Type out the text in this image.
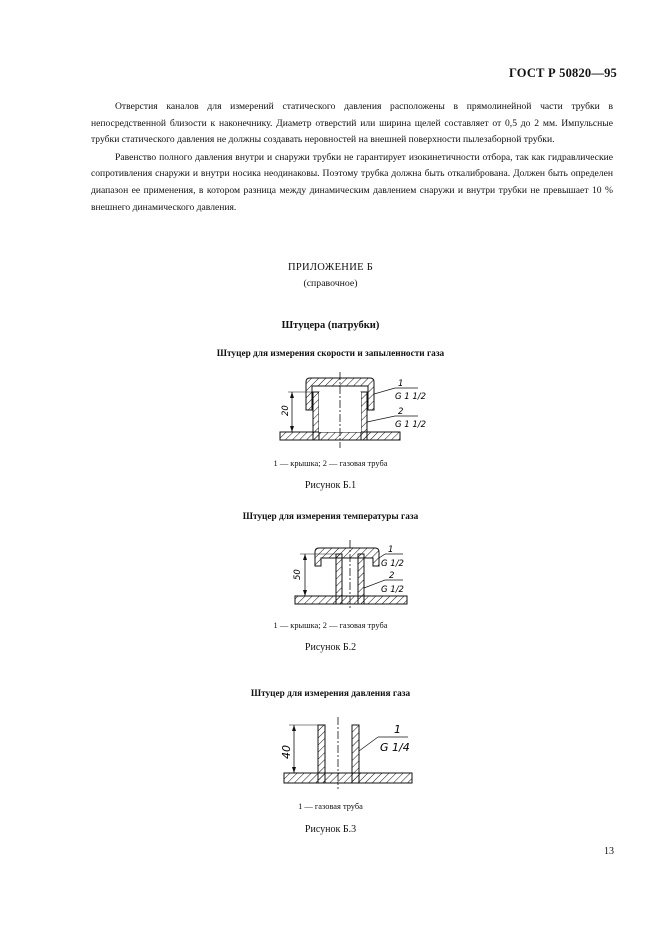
ГОСТ Р 50820—95

Отверстия каналов для измерений статического давления расположены в прямолинейной части трубки в непосредственной близости к наконечнику. Диаметр отверстий или ширина щелей составляет от 0,5 до 2 мм. Импульсные трубки статического давления не должны создавать неровностей на внешней поверхности пылезаборной трубки.

Равенство полного давления внутри и снаружи трубки не гарантирует изокинетичности отбора, так как гидравлические сопротивления снаружи и внутри носика неодинаковы. Поэтому трубка должна быть откалибрована. Должен быть определен диапазон ее применения, в котором разница между динамическим давлением снаружи и внутри трубки не превышает 10 % внешнего динамического давления.

ПРИЛОЖЕНИЕ Б
(справочное)
Штуцера (патрубки)
Штуцер для измерения скорости и запыленности газа
20
1
G 1 1/2
2
G 1 1/2
1 — крышка; 2 — газовая труба
Рисунок Б.1
Штуцер для измерения температуры газа
50
1
G 1/2
2
G 1/2
1 — крышка; 2 — газовая труба
Рисунок Б.2
Штуцер для измерения давления газа
40
1
G 1/4
1 — газовая труба
Рисунок Б.3
13
